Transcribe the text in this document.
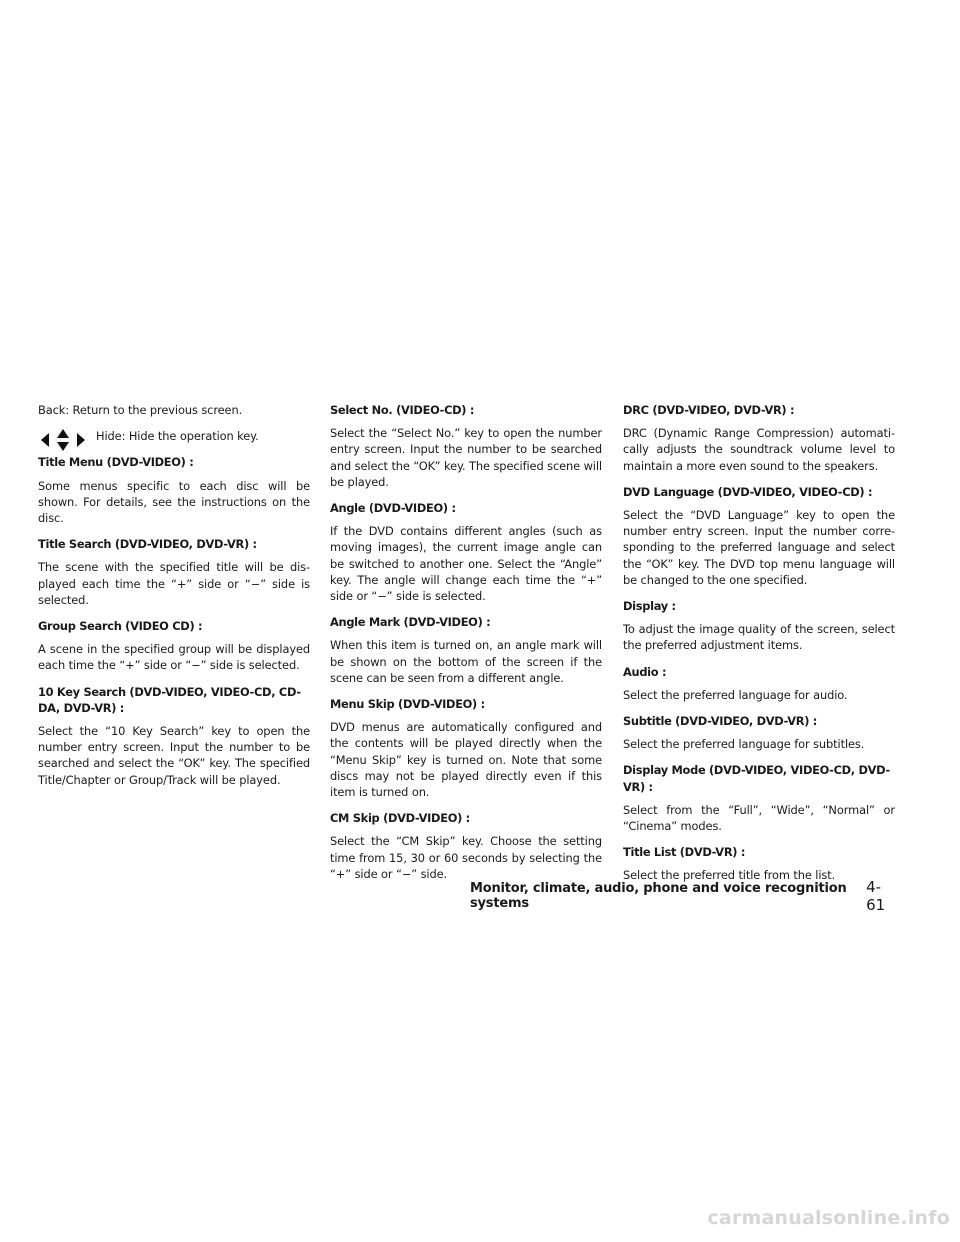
Back: Return to the previous screen.

Hide: Hide the operation key.
Title Menu (DVD-VIDEO) :

Some menus specific to each disc will be shown. For details, see the instructions on the disc.

Title Search (DVD-VIDEO, DVD-VR) :

The scene with the specified title will be dis-played each time the “+” side or “−” side is selected.

Group Search (VIDEO CD) :

A scene in the specified group will be displayed each time the “+” side or “−” side is selected.

10 Key Search (DVD-VIDEO, VIDEO-CD, CD-DA, DVD-VR) :

Select the “10 Key Search” key to open the number entry screen. Input the number to be searched and select the “OK” key. The specified Title/Chapter or Group/Track will be played.

Select No. (VIDEO-CD) :

Select the “Select No.” key to open the number entry screen. Input the number to be searched and select the “OK” key. The specified scene will be played.

Angle (DVD-VIDEO) :

If the DVD contains different angles (such as moving images), the current image angle can be switched to another one. Select the “Angle” key. The angle will change each time the “+” side or “−” side is selected.

Angle Mark (DVD-VIDEO) :

When this item is turned on, an angle mark will be shown on the bottom of the screen if the scene can be seen from a different angle.

Menu Skip (DVD-VIDEO) :

DVD menus are automatically configured and the contents will be played directly when the “Menu Skip” key is turned on. Note that some discs may not be played directly even if this item is turned on.

CM Skip (DVD-VIDEO) :

Select the “CM Skip” key. Choose the setting time from 15, 30 or 60 seconds by selecting the “+” side or “−” side.

DRC (DVD-VIDEO, DVD-VR) :

DRC (Dynamic Range Compression) automati-cally adjusts the soundtrack volume level to maintain a more even sound to the speakers.

DVD Language (DVD-VIDEO, VIDEO-CD) :

Select the “DVD Language” key to open the number entry screen. Input the number corre-sponding to the preferred language and select the “OK” key. The DVD top menu language will be changed to the one specified.

Display :

To adjust the image quality of the screen, select the preferred adjustment items.

Audio :

Select the preferred language for audio.

Subtitle (DVD-VIDEO, DVD-VR) :

Select the preferred language for subtitles.

Display Mode (DVD-VIDEO, VIDEO-CD, DVD-VR) :

Select from the “Full”, “Wide”, “Normal” or “Cinema” modes.

Title List (DVD-VR) :

Select the preferred title from the list.

Monitor, climate, audio, phone and voice recognition systems
4-61
carmanualsonline.info
